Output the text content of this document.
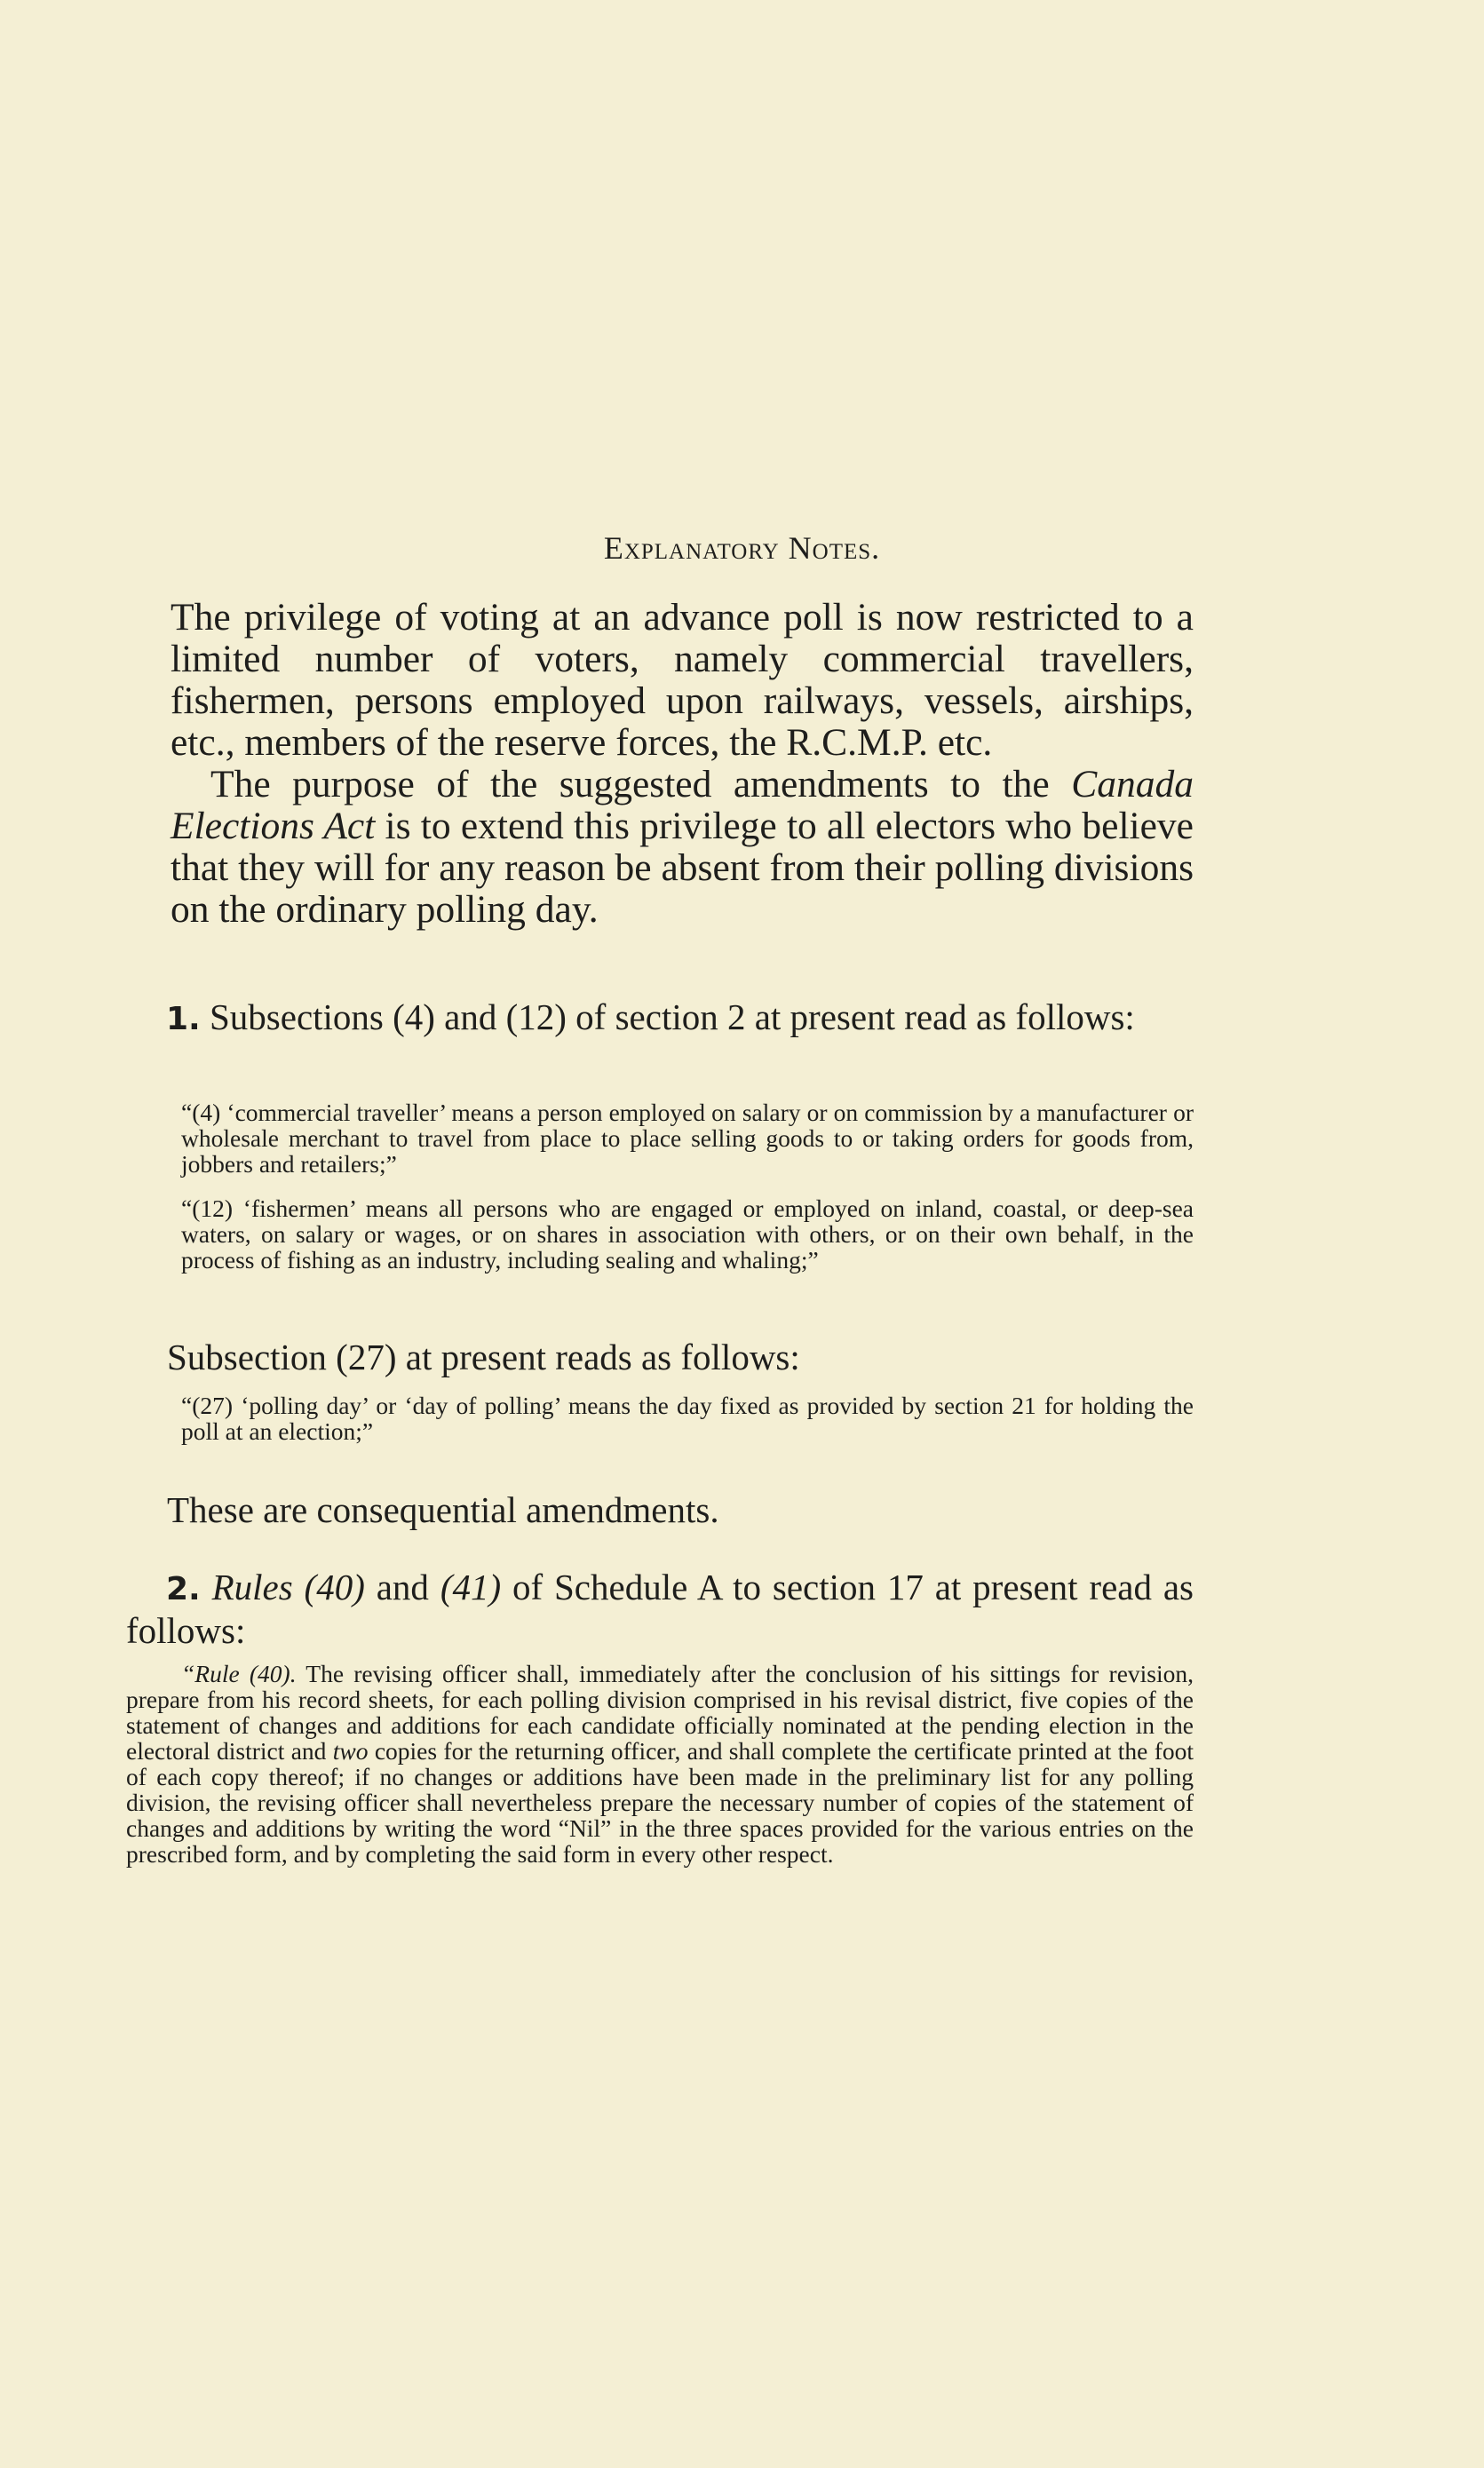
Explanatory Notes.

The privilege of voting at an advance poll is now restricted to a limited number of voters, namely commercial travellers, fishermen, persons employed upon railways, vessels, airships, etc., members of the reserve forces, the R.C.M.P. etc.

The purpose of the suggested amendments to the Canada Elections Act is to extend this privilege to all electors who believe that they will for any reason be absent from their polling divisions on the ordinary polling day.

1. Subsections (4) and (12) of section 2 at present read as follows:

“(4) ‘commercial traveller’ means a person employed on salary or on commission by a manufacturer or wholesale merchant to travel from place to place selling goods to or taking orders for goods from, jobbers and retailers;”

“(12) ‘fishermen’ means all persons who are engaged or employed on inland, coastal, or deep-sea waters, on salary or wages, or on shares in association with others, or on their own behalf, in the process of fishing as an industry, including sealing and whaling;”

Subsection (27) at present reads as follows:

“(27) ‘polling day’ or ‘day of polling’ means the day fixed as provided by section 21 for holding the poll at an election;”

These are consequential amendments.

2. Rules (40) and (41) of Schedule A to section 17 at present read as follows:

“Rule (40). The revising officer shall, immediately after the conclusion of his sittings for revision, prepare from his record sheets, for each polling division comprised in his revisal district, five copies of the statement of changes and additions for each candidate officially nominated at the pending election in the electoral district and two copies for the returning officer, and shall complete the certificate printed at the foot of each copy thereof; if no changes or additions have been made in the preliminary list for any polling division, the revising officer shall nevertheless prepare the necessary number of copies of the statement of changes and additions by writing the word “Nil” in the three spaces provided for the various entries on the prescribed form, and by completing the said form in every other respect.
